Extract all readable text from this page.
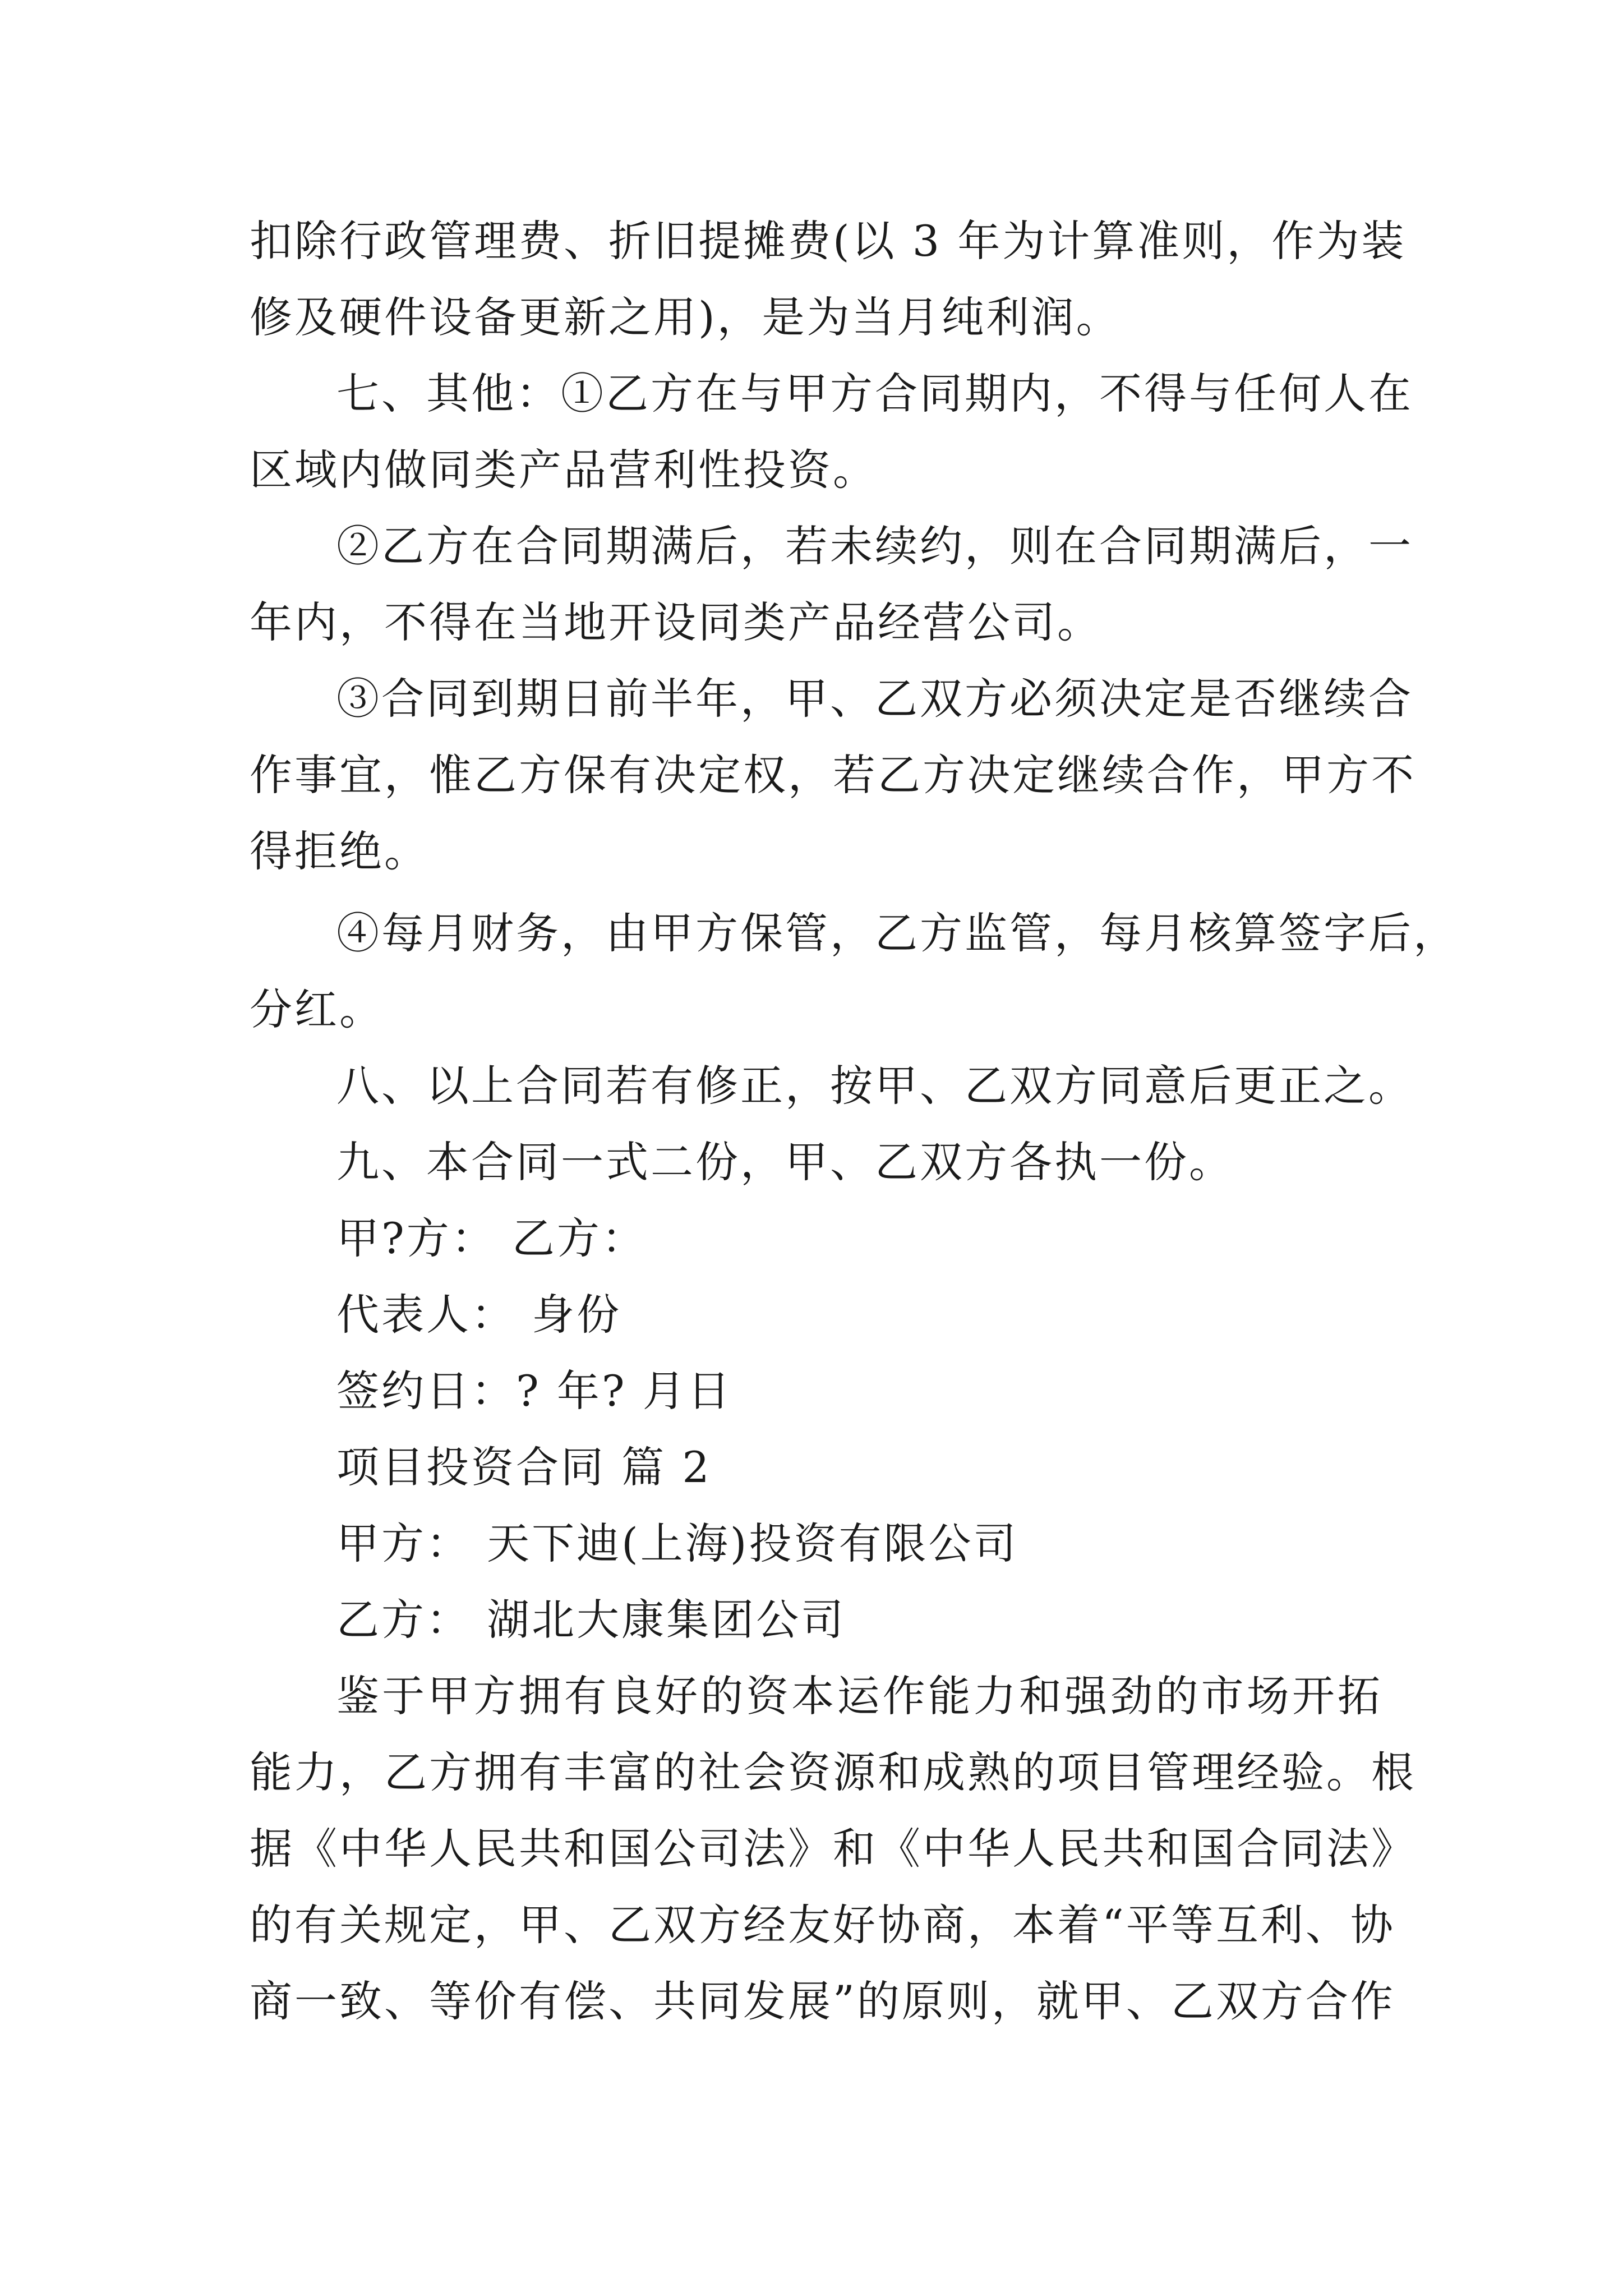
扣除行政管理费、折旧提摊费(以 3 年为计算准则，作为装
修及硬件设备更新之用)，是为当月纯利润。
七、其他：①乙方在与甲方合同期内，不得与任何人在
区域内做同类产品营利性投资。
②乙方在合同期满后，若未续约，则在合同期满后，一
年内，不得在当地开设同类产品经营公司。
③合同到期日前半年，甲、乙双方必须决定是否继续合
作事宜，惟乙方保有决定权，若乙方决定继续合作，甲方不
得拒绝。
④每月财务，由甲方保管，乙方监管，每月核算签字后，
分红。
八、以上合同若有修正，按甲、乙双方同意后更正之。
九、本合同一式二份，甲、乙双方各执一份。
甲?方： 乙方：
代表人： 身份
签约日：? 年? 月日
项目投资合同 篇 2
甲方： 天下迪(上海)投资有限公司
乙方： 湖北大康集团公司
鉴于甲方拥有良好的资本运作能力和强劲的市场开拓
能力，乙方拥有丰富的社会资源和成熟的项目管理经验。根
据《中华人民共和国公司法》和《中华人民共和国合同法》
的有关规定，甲、乙双方经友好协商，本着“平等互利、协
商一致、等价有偿、共同发展”的原则，就甲、乙双方合作
